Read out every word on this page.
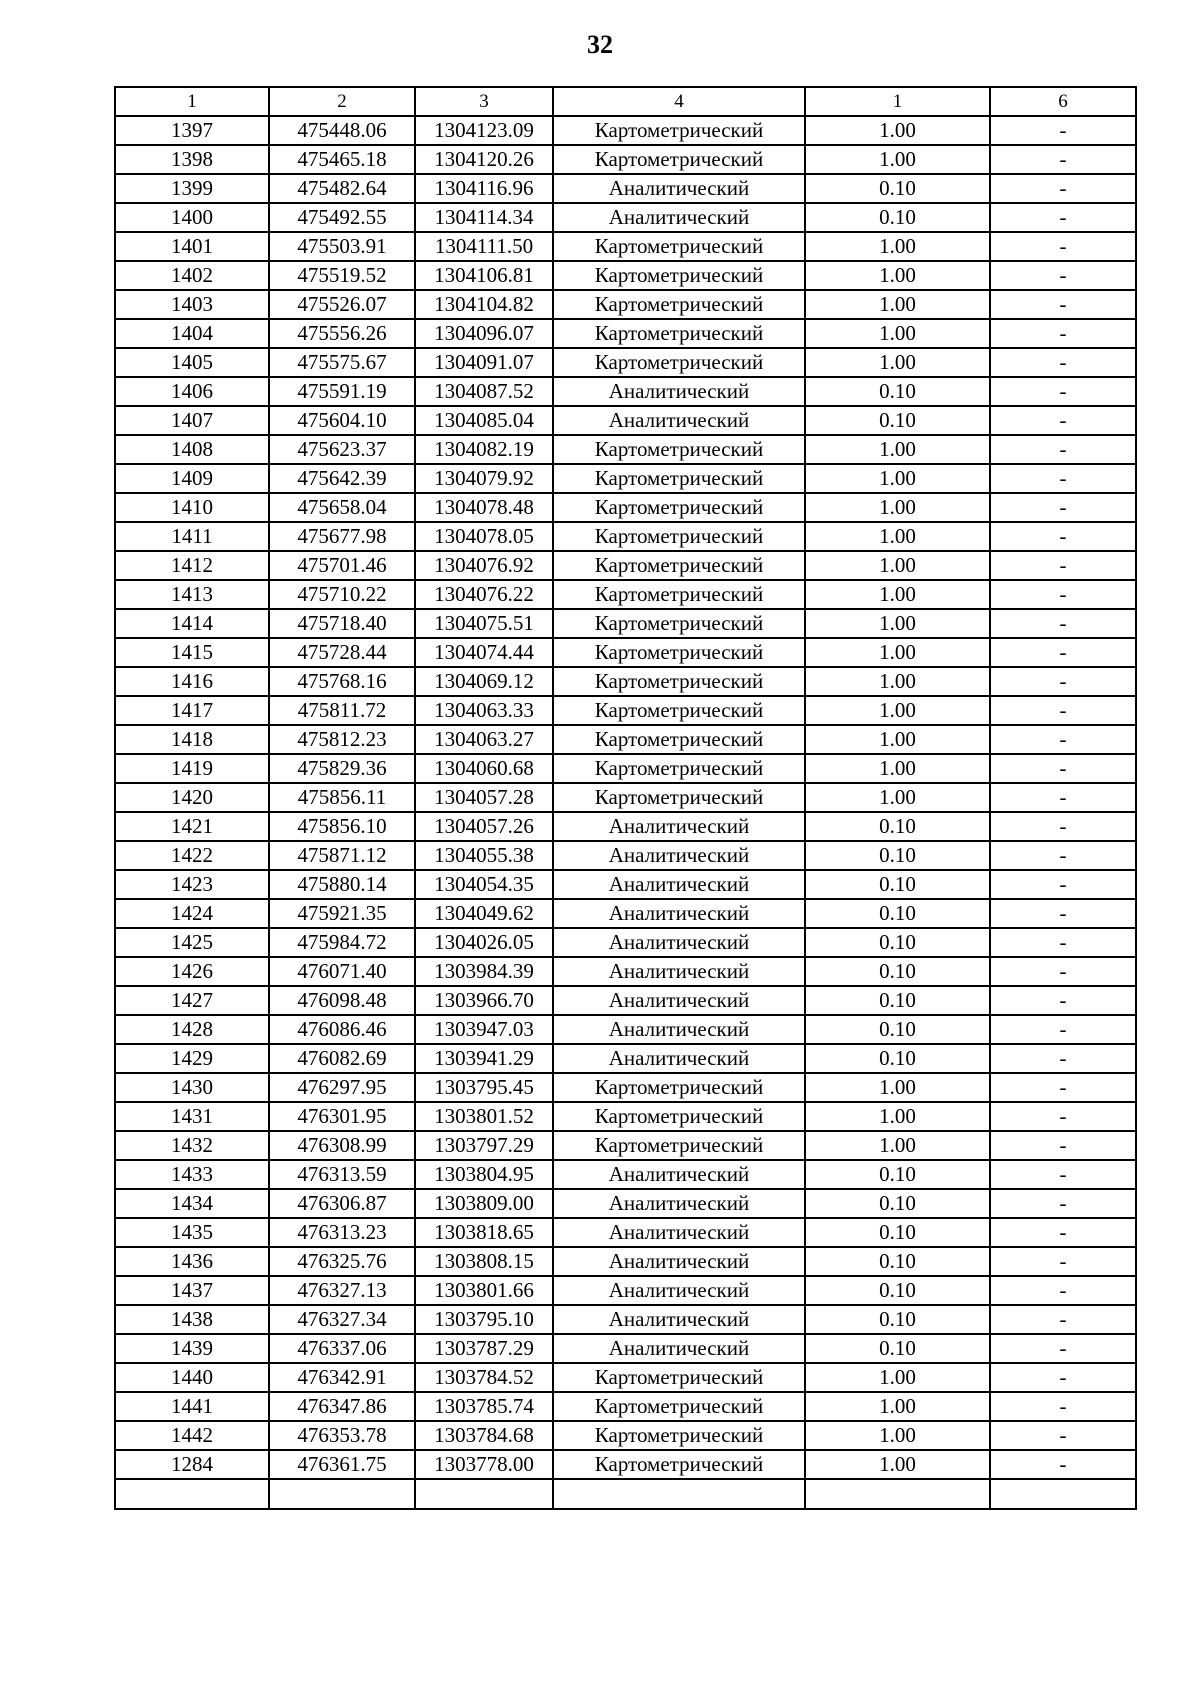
32
1	2	3	4	1	6
1397	475448.06	1304123.09	Картометрический	1.00	-
1398	475465.18	1304120.26	Картометрический	1.00	-
1399	475482.64	1304116.96	Аналитический	0.10	-
1400	475492.55	1304114.34	Аналитический	0.10	-
1401	475503.91	1304111.50	Картометрический	1.00	-
1402	475519.52	1304106.81	Картометрический	1.00	-
1403	475526.07	1304104.82	Картометрический	1.00	-
1404	475556.26	1304096.07	Картометрический	1.00	-
1405	475575.67	1304091.07	Картометрический	1.00	-
1406	475591.19	1304087.52	Аналитический	0.10	-
1407	475604.10	1304085.04	Аналитический	0.10	-
1408	475623.37	1304082.19	Картометрический	1.00	-
1409	475642.39	1304079.92	Картометрический	1.00	-
1410	475658.04	1304078.48	Картометрический	1.00	-
1411	475677.98	1304078.05	Картометрический	1.00	-
1412	475701.46	1304076.92	Картометрический	1.00	-
1413	475710.22	1304076.22	Картометрический	1.00	-
1414	475718.40	1304075.51	Картометрический	1.00	-
1415	475728.44	1304074.44	Картометрический	1.00	-
1416	475768.16	1304069.12	Картометрический	1.00	-
1417	475811.72	1304063.33	Картометрический	1.00	-
1418	475812.23	1304063.27	Картометрический	1.00	-
1419	475829.36	1304060.68	Картометрический	1.00	-
1420	475856.11	1304057.28	Картометрический	1.00	-
1421	475856.10	1304057.26	Аналитический	0.10	-
1422	475871.12	1304055.38	Аналитический	0.10	-
1423	475880.14	1304054.35	Аналитический	0.10	-
1424	475921.35	1304049.62	Аналитический	0.10	-
1425	475984.72	1304026.05	Аналитический	0.10	-
1426	476071.40	1303984.39	Аналитический	0.10	-
1427	476098.48	1303966.70	Аналитический	0.10	-
1428	476086.46	1303947.03	Аналитический	0.10	-
1429	476082.69	1303941.29	Аналитический	0.10	-
1430	476297.95	1303795.45	Картометрический	1.00	-
1431	476301.95	1303801.52	Картометрический	1.00	-
1432	476308.99	1303797.29	Картометрический	1.00	-
1433	476313.59	1303804.95	Аналитический	0.10	-
1434	476306.87	1303809.00	Аналитический	0.10	-
1435	476313.23	1303818.65	Аналитический	0.10	-
1436	476325.76	1303808.15	Аналитический	0.10	-
1437	476327.13	1303801.66	Аналитический	0.10	-
1438	476327.34	1303795.10	Аналитический	0.10	-
1439	476337.06	1303787.29	Аналитический	0.10	-
1440	476342.91	1303784.52	Картометрический	1.00	-
1441	476347.86	1303785.74	Картометрический	1.00	-
1442	476353.78	1303784.68	Картометрический	1.00	-
1284	476361.75	1303778.00	Картометрический	1.00	-
